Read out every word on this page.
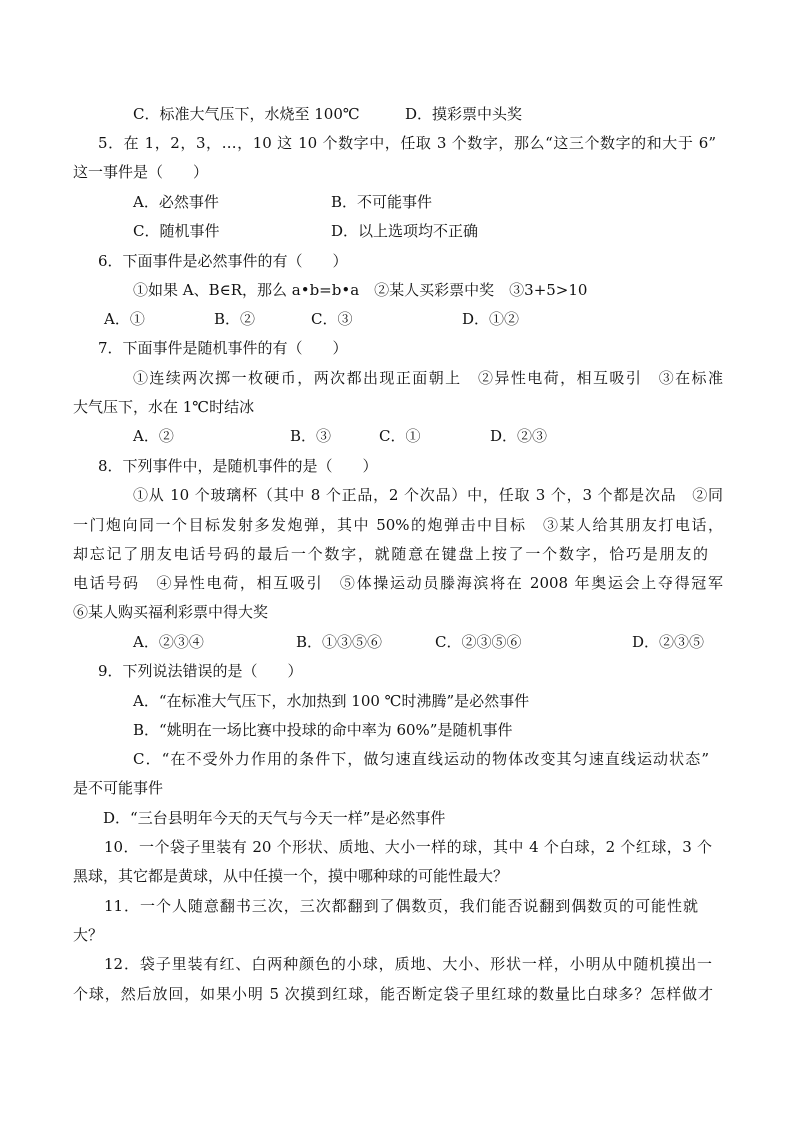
C．标准大气压下，水烧至 100℃	D．摸彩票中头奖
5．在 1，2，3，…，10 这 10 个数字中，任取 3 个数字，那么“这三个数字的和大于 6”
这一事件是（　　）
A．必然事件	B．不可能事件
C．随机事件	D．以上选项均不正确
6．下面事件是必然事件的有（　　）
①如果 A、B∈R，那么 a•b=b•a　②某人买彩票中奖　③3+5>10
A．①	B．②	C．③	D．①②
7．下面事件是随机事件的有（　　）
①连续两次掷一枚硬币，两次都出现正面朝上　②异性电荷，相互吸引　③在标准
大气压下，水在 1℃时结冰
A．②	B．③	C．①	D．②③
8．下列事件中，是随机事件的是（　　）
①从 10 个玻璃杯（其中 8 个正品，2 个次品）中，任取 3 个，3 个都是次品　②同
一门炮向同一个目标发射多发炮弹，其中 50%的炮弹击中目标　③某人给其朋友打电话，
却忘记了朋友电话号码的最后一个数字，就随意在键盘上按了一个数字，恰巧是朋友的
电话号码　④异性电荷，相互吸引　⑤体操运动员滕海滨将在 2008 年奥运会上夺得冠军
⑥某人购买福利彩票中得大奖
A．②③④	B．①③⑤⑥	C．②③⑤⑥	D．②③⑤
9．下列说法错误的是（　　）
A．“在标准大气压下，水加热到 100 ℃时沸腾”是必然事件
B．“姚明在一场比赛中投球的命中率为 60%”是随机事件
C．“在不受外力作用的条件下，做匀速直线运动的物体改变其匀速直线运动状态”
是不可能事件
D．“三台县明年今天的天气与今天一样”是必然事件
10．一个袋子里装有 20 个形状、质地、大小一样的球，其中 4 个白球，2 个红球，3 个
黑球，其它都是黄球，从中任摸一个，摸中哪种球的可能性最大？
11．一个人随意翻书三次，三次都翻到了偶数页，我们能否说翻到偶数页的可能性就
大？
12．袋子里装有红、白两种颜色的小球，质地、大小、形状一样，小明从中随机摸出一
个球，然后放回，如果小明 5 次摸到红球，能否断定袋子里红球的数量比白球多？怎样做才
